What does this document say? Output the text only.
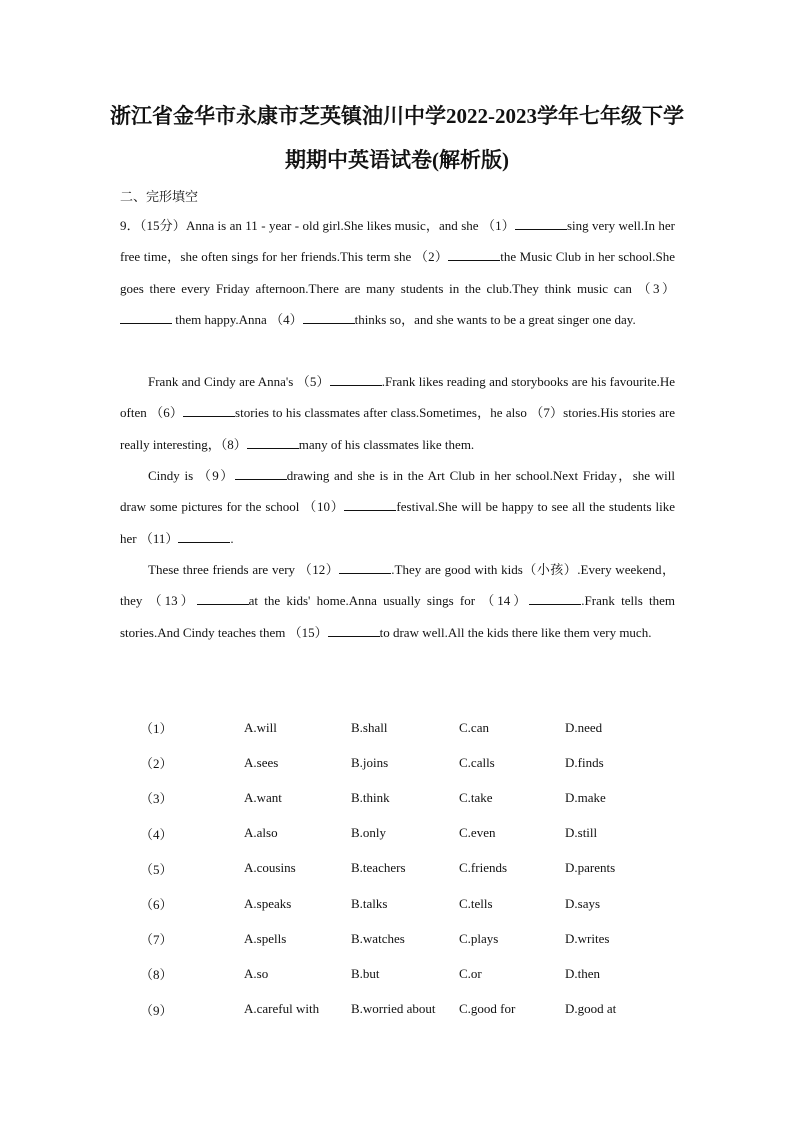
浙江省金华市永康市芝英镇油川中学2022-2023学年七年级下学
期期中英语试卷(解析版)
二、完形填空
9．（15分）Anna is an 11 - year - old girl.She likes music，and she （1）	sing very well.In her free time，she often sings for her friends.This term she （2）	the Music Club in her school.She goes there every Friday afternoon.There are many students in the club.They think music can （3） them happy.Anna （4）	thinks so，and she wants to be a great singer one day.
Frank and Cindy are Anna's （5）	.Frank likes reading and storybooks are his favourite.He often （6）	stories to his classmates after class.Sometimes，he also （7）stories.His stories are really interesting，（8）	many of his classmates like them.
Cindy is （9）	drawing and she is in the Art Club in her school.Next Friday，she will draw some pictures for the school （10）	festival.She will be happy to see all the students like her （11）	.
These three friends are very （12）	.They are good with kids（小孩）.Every weekend，they （13）	at the kids' home.Anna usually sings for （14）	.Frank tells them stories.And Cindy teaches them （15）	to draw well.All the kids there like them very much.
（1）	A.will	B.shall	C.can	D.need
（2）	A.sees	B.joins	C.calls	D.finds
（3）	A.want	B.think	C.take	D.make
（4）	A.also	B.only	C.even	D.still
（5）	A.cousins	B.teachers	C.friends	D.parents
（6）	A.speaks	B.talks	C.tells	D.says
（7）	A.spells	B.watches	C.plays	D.writes
（8）	A.so	B.but	C.or	D.then
（9）	A.careful with	B.worried about	C.good for	D.good at
